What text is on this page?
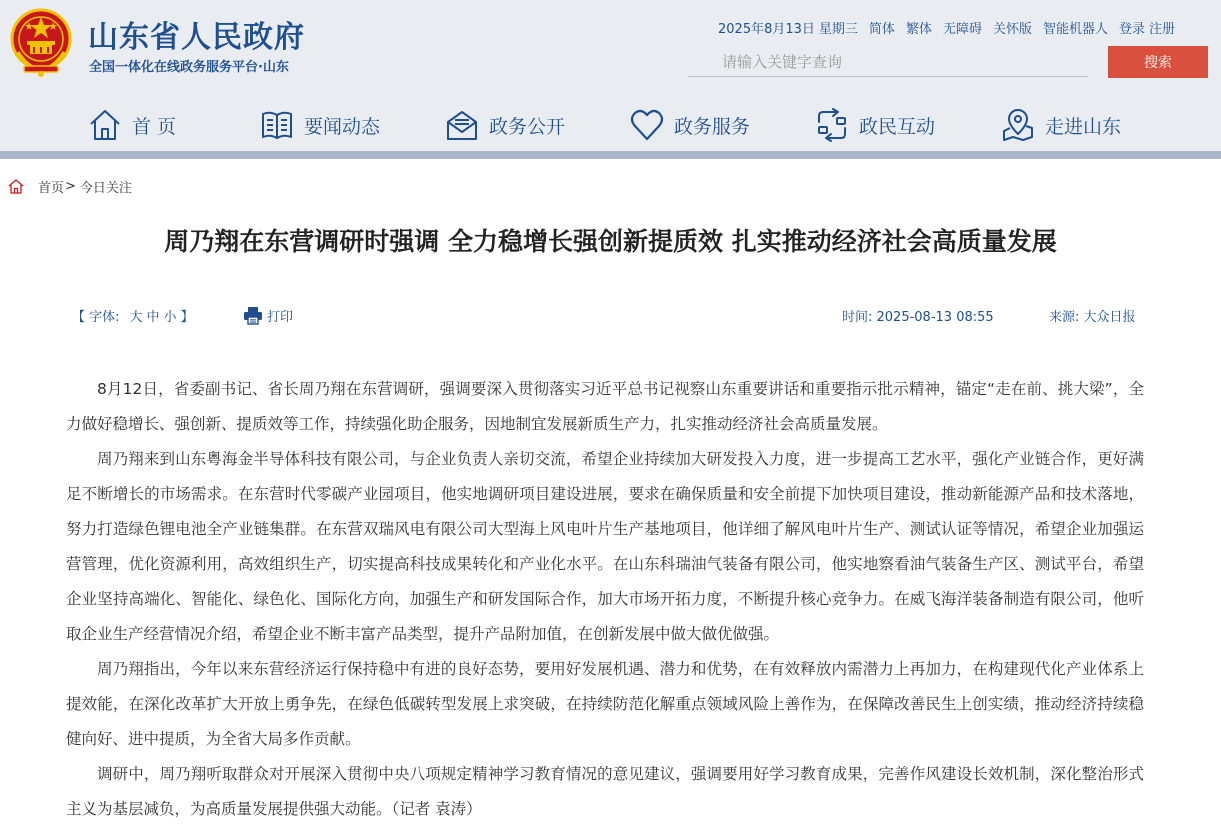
山东省人民政府
全国一体化在线政务服务平台·山东
2025年8月13日 星期三 简体 繁体 无障碍 关怀版 智能机器人 登录 注册
请输入关键字查询
搜索
首 页	要闻动态	政务公开	政务服务	政民互动	走进山东
首页 > 今日关注
周乃翔在东营调研时强调 全力稳增长强创新提质效 扎实推动经济社会高质量发展
【 字体: 大 中 小 】	打印	时间: 2025-08-13 08:55	来源: 大众日报

8月12日，省委副书记、省长周乃翔在东营调研，强调要深入贯彻落实习近平总书记视察山东重要讲话和重要指示批示精神，锚定“走在前、挑大梁”，全力做好稳增长、强创新、提质效等工作，持续强化助企服务，因地制宜发展新质生产力，扎实推动经济社会高质量发展。

周乃翔来到山东粤海金半导体科技有限公司，与企业负责人亲切交流，希望企业持续加大研发投入力度，进一步提高工艺水平，强化产业链合作，更好满足不断增长的市场需求。在东营时代零碳产业园项目，他实地调研项目建设进展，要求在确保质量和安全前提下加快项目建设，推动新能源产品和技术落地，努力打造绿色锂电池全产业链集群。在东营双瑞风电有限公司大型海上风电叶片生产基地项目，他详细了解风电叶片生产、测试认证等情况，希望企业加强运营管理，优化资源利用，高效组织生产，切实提高科技成果转化和产业化水平。在山东科瑞油气装备有限公司，他实地察看油气装备生产区、测试平台，希望企业坚持高端化、智能化、绿色化、国际化方向，加强生产和研发国际合作，加大市场开拓力度，不断提升核心竞争力。在威飞海洋装备制造有限公司，他听取企业生产经营情况介绍，希望企业不断丰富产品类型，提升产品附加值，在创新发展中做大做优做强。

周乃翔指出，今年以来东营经济运行保持稳中有进的良好态势，要用好发展机遇、潜力和优势，在有效释放内需潜力上再加力，在构建现代化产业体系上提效能，在深化改革扩大开放上勇争先，在绿色低碳转型发展上求突破，在持续防范化解重点领域风险上善作为，在保障改善民生上创实绩，推动经济持续稳健向好、进中提质，为全省大局多作贡献。

调研中，周乃翔听取群众对开展深入贯彻中央八项规定精神学习教育情况的意见建议，强调要用好学习教育成果，完善作风建设长效机制，深化整治形式主义为基层减负，为高质量发展提供强大动能。（记者 袁涛）
